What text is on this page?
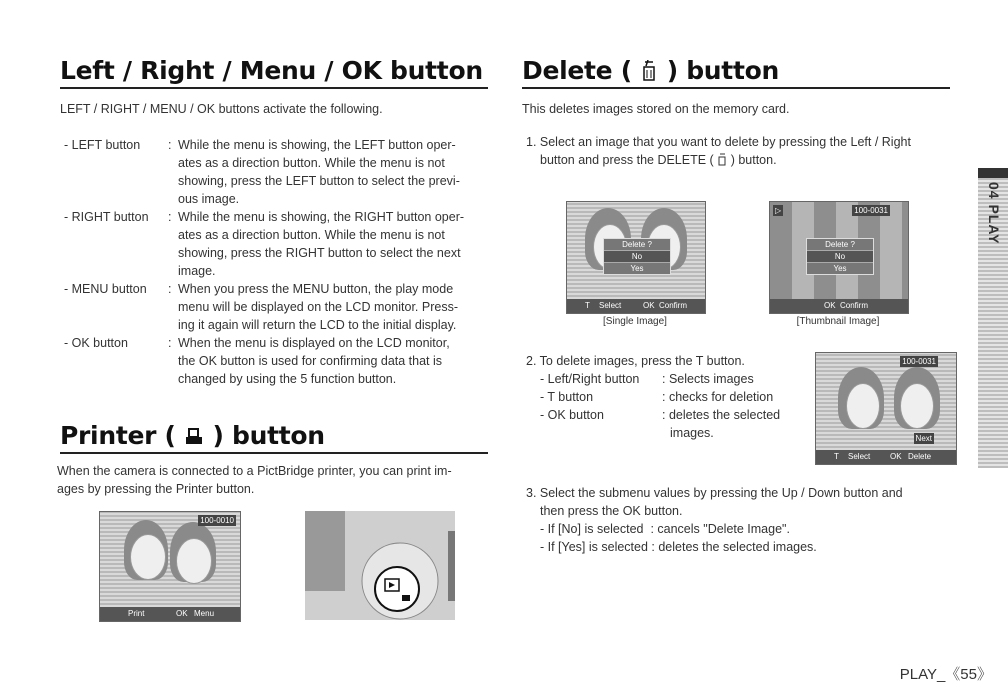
Left / Right / Menu / OK button
LEFT / RIGHT / MENU / OK buttons activate the following.
- LEFT button : While the menu is showing, the LEFT button oper-
ates as a direction button. While the menu is not
showing, press the LEFT button to select the previ-
ous image.
- RIGHT button : While the menu is showing, the RIGHT button oper-
ates as a direction button. While the menu is not
showing, press the RIGHT button to select the next
image.
- MENU button : When you press the MENU button, the play mode
menu will be displayed on the LCD monitor. Press-
ing it again will return the LCD to the initial display.
- OK button	: When the menu is displayed on the LCD monitor,
the OK button is used for confirming data that is
changed by using the 5 function button.
Printer ( ) button
When the camera is connected to a PictBridge printer, you can print im-
ages by pressing the Printer button.
100-0010
Print	OK Menu
Delete ( ) button
This deletes images stored on the memory card.
1. Select an image that you want to delete by pressing the Left / Right
button and press the DELETE ( ) button.
Delete ?
No
Yes
T Select	OK Confirm
[Single Image]
100-0031
▷
Delete ?
No
Yes
OK Confirm
[Thumbnail Image]
2. To delete images, press the T button.
- Left/Right button : Selects images
- T button	: checks for deletion
- OK button	: deletes the selected
images.
100-0031
Next
T Select OK Delete
3. Select the submenu values by pressing the Up / Down button and
then press the OK button.
- If [No] is selected  : cancels "Delete Image".
- If [Yes] is selected : deletes the selected images.
04 PLAY
PLAY_《55》
